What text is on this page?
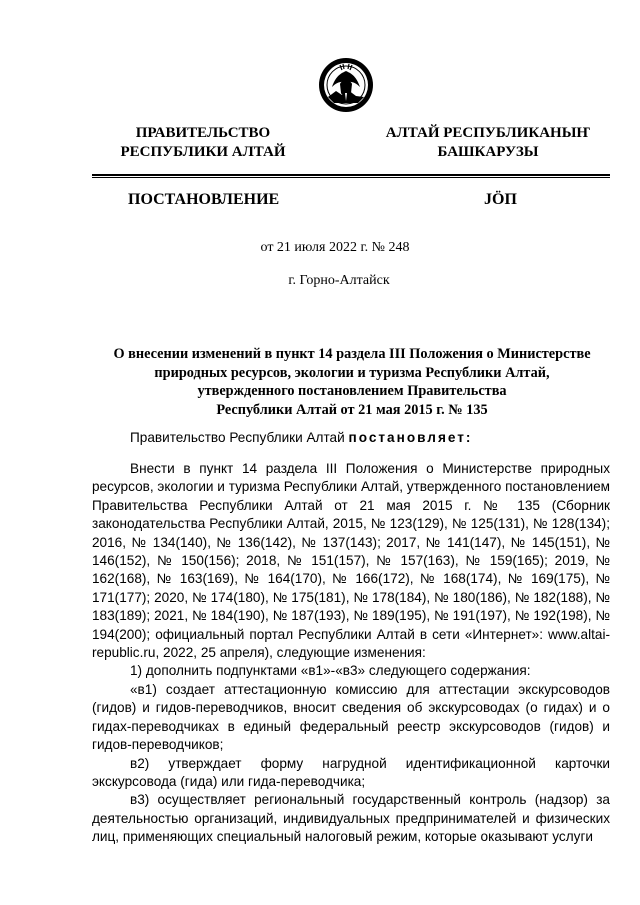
ПРАВИТЕЛЬСТВО
РЕСПУБЛИКИ АЛТАЙ
АЛТАЙ РЕСПУБЛИКАНЫҤ
БАШКАРУЗЫ
ПОСТАНОВЛЕНИЕ	JӦП
от 21 июля 2022 г. № 248
г. Горно-Алтайск
О внесении изменений в пункт 14 раздела III Положения о Министерстве
природных ресурсов, экологии и туризма Республики Алтай,
утвержденного постановлением Правительства
Республики Алтай от 21 мая 2015 г. № 135
Правительство Республики Алтай постановляет:

Внести в пункт 14 раздела III Положения о Министерстве природных ресурсов, экологии и туризма Республики Алтай, утвержденного постановлением Правительства Республики Алтай от 21 мая 2015 г. № 135 (Сборник законодательства Республики Алтай, 2015, № 123(129), № 125(131), № 128(134); 2016, № 134(140), № 136(142), № 137(143); 2017, № 141(147), № 145(151), № 146(152), № 150(156); 2018, № 151(157), № 157(163), № 159(165); 2019, № 162(168), № 163(169), № 164(170), № 166(172), № 168(174), № 169(175), № 171(177); 2020, № 174(180), № 175(181), № 178(184), № 180(186), № 182(188), № 183(189); 2021, № 184(190), № 187(193), № 189(195), № 191(197), № 192(198), № 194(200); официальный портал Республики Алтай в сети «Интернет»: www.altai-republic.ru, 2022, 25 апреля), следующие изменения:

1) дополнить подпунктами «в1»-«в3» следующего содержания:

«в1) создает аттестационную комиссию для аттестации экскурсоводов (гидов) и гидов-переводчиков, вносит сведения об экскурсоводах (о гидах) и о гидах-переводчиках в единый федеральный реестр экскурсоводов (гидов) и гидов-переводчиков;

в2) утверждает форму нагрудной идентификационной карточки экскурсовода (гида) или гида-переводчика;

в3) осуществляет региональный государственный контроль (надзор) за деятельностью организаций, индивидуальных предпринимателей и физических лиц, применяющих специальный налоговый режим, которые оказывают услуги
